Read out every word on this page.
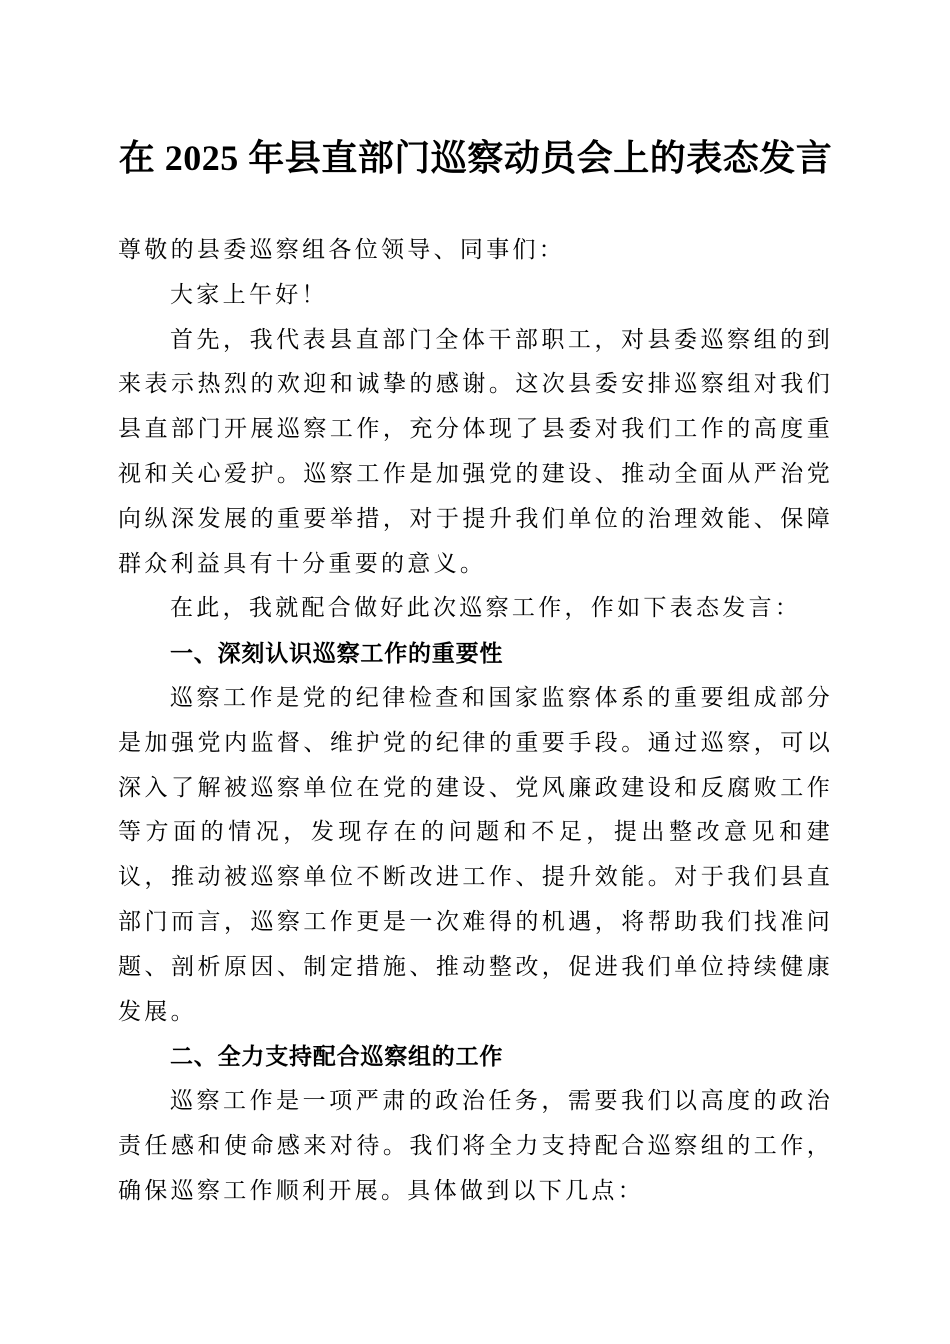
在 2025 年县直部门巡察动员会上的表态发言

尊敬的县委巡察组各位领导、同事们：

大家上午好！

首先，我代表县直部门全体干部职工，对县委巡察组的到来表示热烈的欢迎和诚挚的感谢。这次县委安排巡察组对我们县直部门开展巡察工作，充分体现了县委对我们工作的高度重视和关心爱护。巡察工作是加强党的建设、推动全面从严治党向纵深发展的重要举措，对于提升我们单位的治理效能、保障群众利益具有十分重要的意义。

在此，我就配合做好此次巡察工作，作如下表态发言：

一、深刻认识巡察工作的重要性

巡察工作是党的纪律检查和国家监察体系的重要组成部分是加强党内监督、维护党的纪律的重要手段。通过巡察，可以深入了解被巡察单位在党的建设、党风廉政建设和反腐败工作等方面的情况，发现存在的问题和不足，提出整改意见和建议，推动被巡察单位不断改进工作、提升效能。对于我们县直部门而言，巡察工作更是一次难得的机遇，将帮助我们找准问题、剖析原因、制定措施、推动整改，促进我们单位持续健康发展。

二、全力支持配合巡察组的工作

巡察工作是一项严肃的政治任务，需要我们以高度的政治责任感和使命感来对待。我们将全力支持配合巡察组的工作，确保巡察工作顺利开展。具体做到以下几点：
